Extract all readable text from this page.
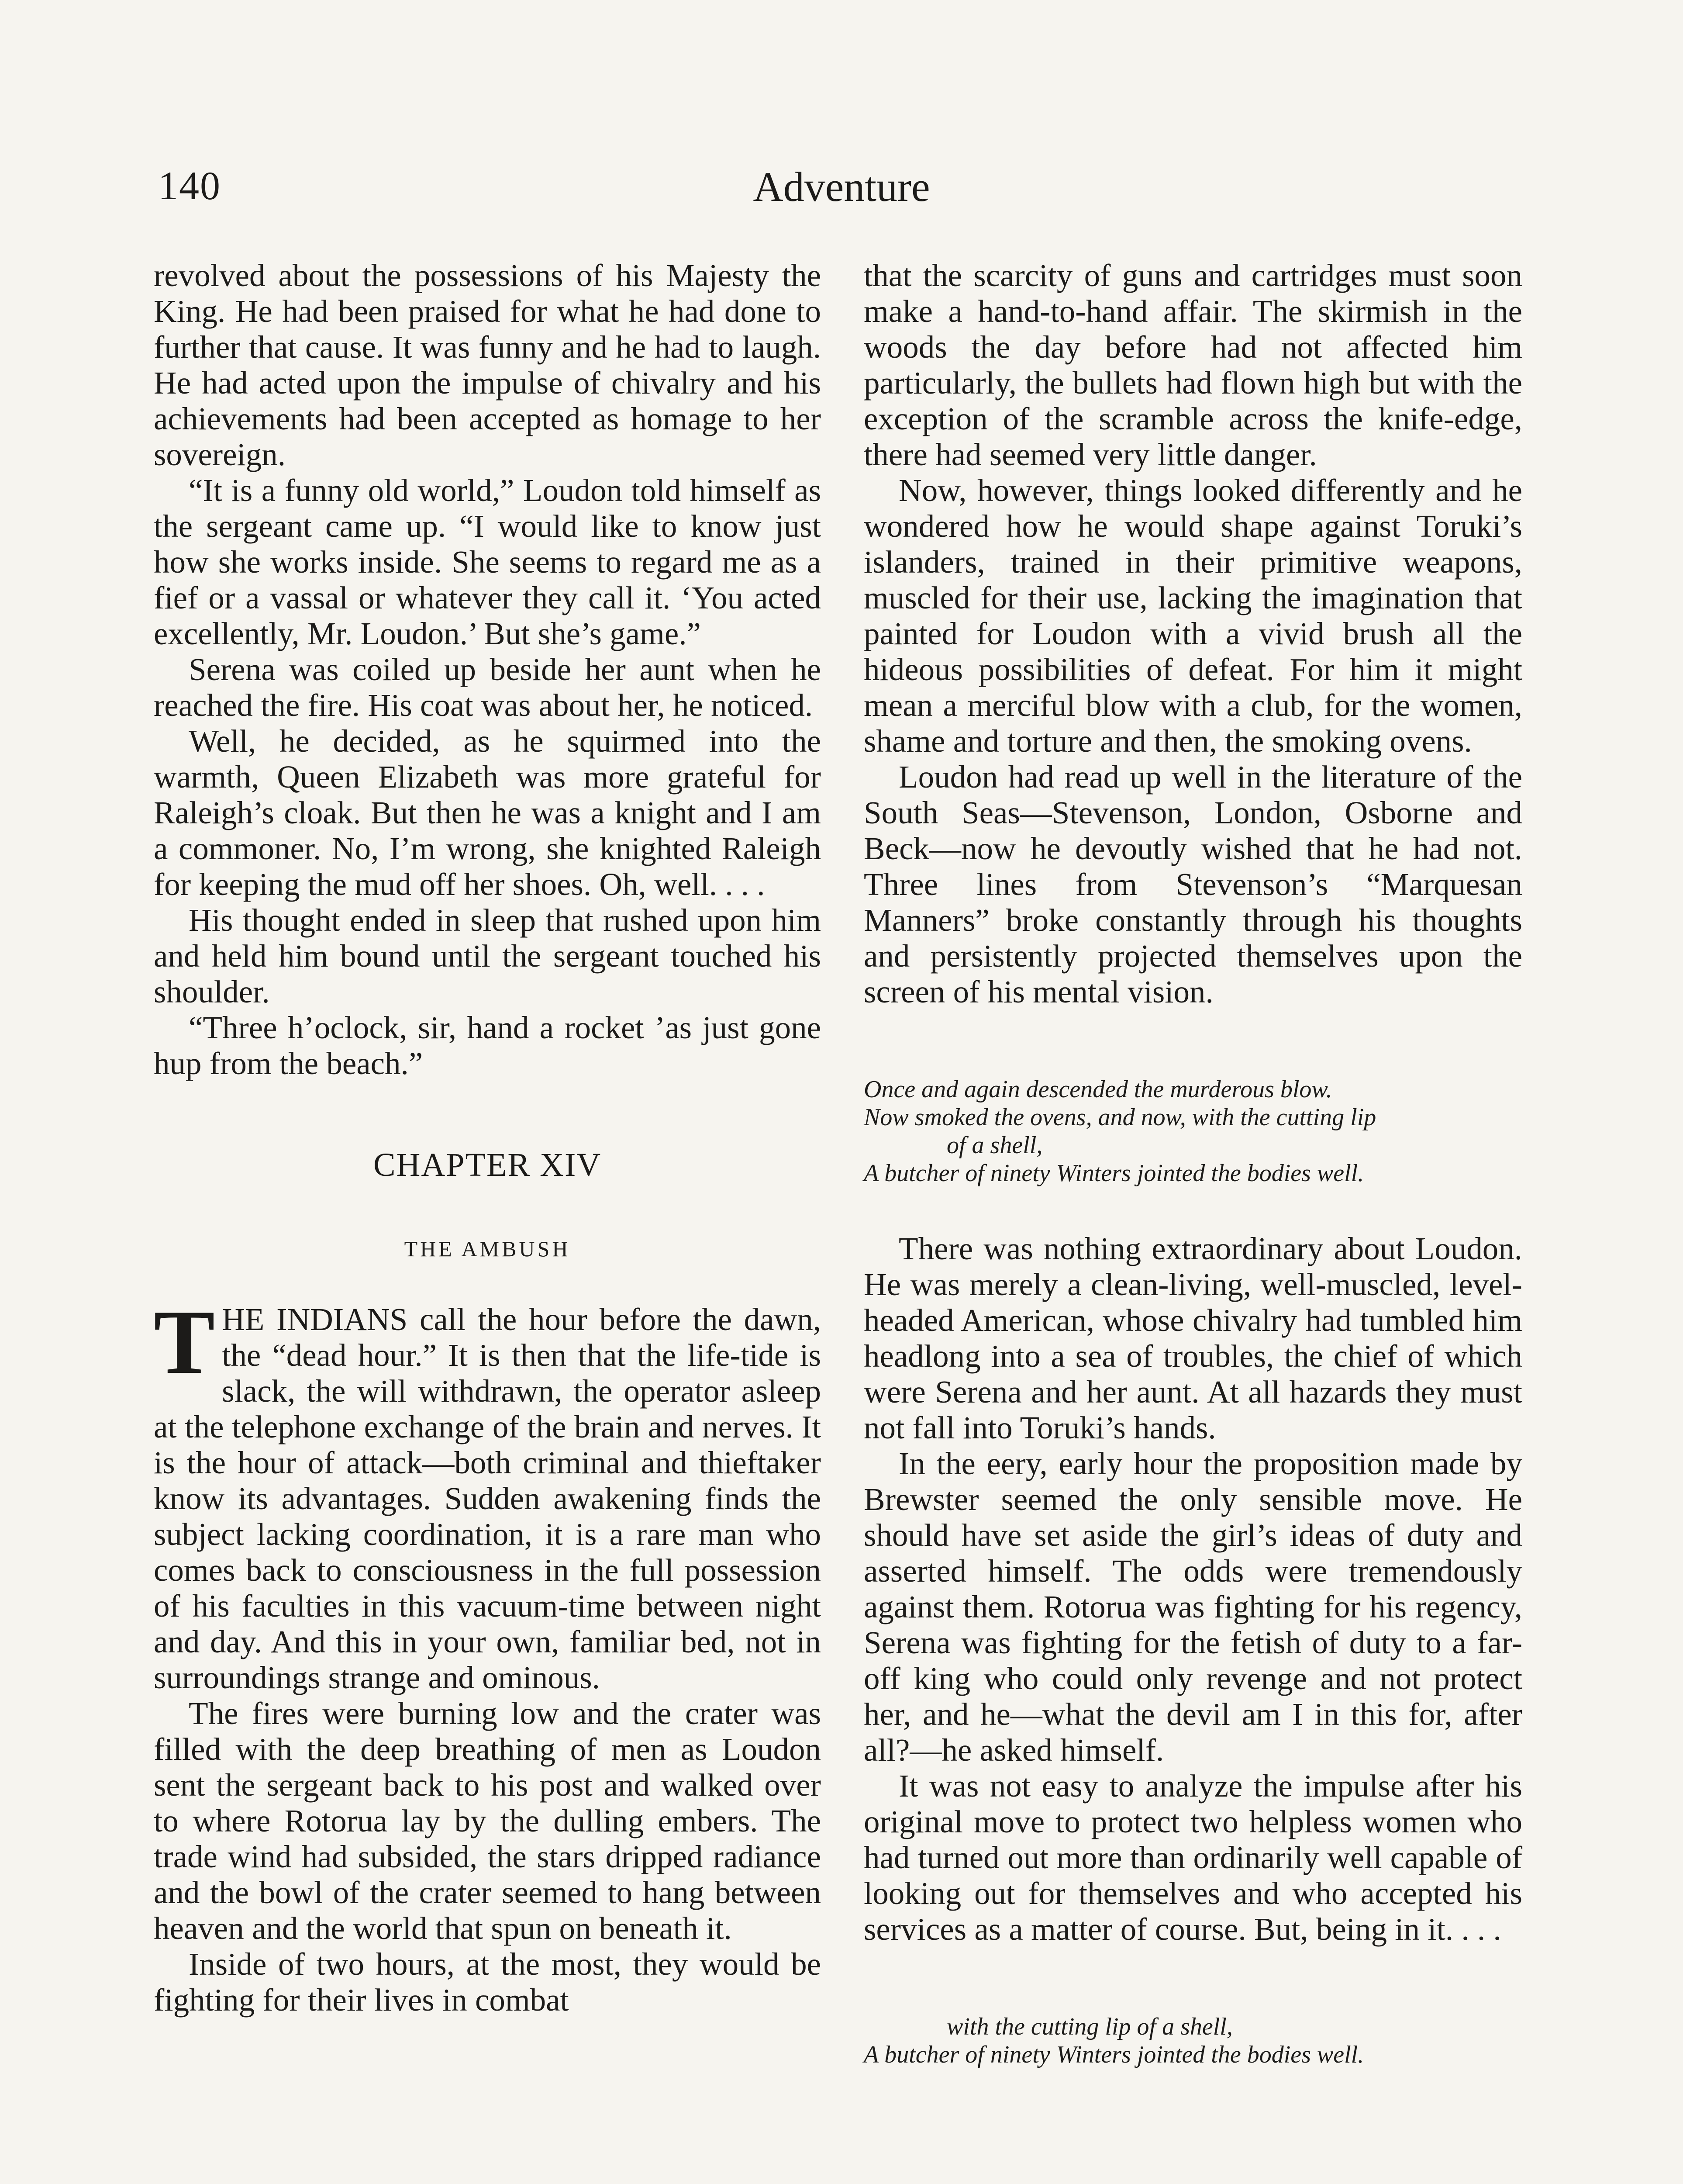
140	Adventure

revolved about the possessions of his Majesty the King. He had been praised for what he had done to further that cause. It was funny and he had to laugh. He had acted upon the impulse of chivalry and his achievements had been accepted as homage to her sovereign.

“It is a funny old world,” Loudon told himself as the sergeant came up. “I would like to know just how she works inside. She seems to regard me as a fief or a vassal or whatever they call it. ‘You acted excellently, Mr. Loudon.’ But she’s game.”

Serena was coiled up beside her aunt when he reached the fire. His coat was about her, he noticed.

Well, he decided, as he squirmed into the warmth, Queen Elizabeth was more grateful for Raleigh’s cloak. But then he was a knight and I am a commoner. No, I’m wrong, she knighted Raleigh for keeping the mud off her shoes. Oh, well. . . .

His thought ended in sleep that rushed upon him and held him bound until the sergeant touched his shoulder.

“Three h’oclock, sir, hand a rocket ’as just gone hup from the beach.”

CHAPTER XIV
THE AMBUSH

THE INDIANS call the hour before the dawn, the “dead hour.” It is then that the life-tide is slack, the will withdrawn, the operator asleep at the telephone exchange of the brain and nerves. It is the hour of attack—both criminal and thieftaker know its advantages. Sudden awakening finds the subject lacking coordination, it is a rare man who comes back to consciousness in the full possession of his faculties in this vacuum-time between night and day. And this in your own, familiar bed, not in surroundings strange and ominous.

The fires were burning low and the crater was filled with the deep breathing of men as Loudon sent the sergeant back to his post and walked over to where Rotorua lay by the dulling embers. The trade wind had subsided, the stars dripped radiance and the bowl of the crater seemed to hang between heaven and the world that spun on beneath it.

Inside of two hours, at the most, they would be fighting for their lives in combat

that the scarcity of guns and cartridges must soon make a hand-to-hand affair. The skirmish in the woods the day before had not affected him particularly, the bullets had flown high but with the exception of the scramble across the knife-edge, there had seemed very little danger.

Now, however, things looked differently and he wondered how he would shape against Toruki’s islanders, trained in their primitive weapons, muscled for their use, lacking the imagination that painted for Loudon with a vivid brush all the hideous possibilities of defeat. For him it might mean a merciful blow with a club, for the women, shame and torture and then, the smoking ovens.

Loudon had read up well in the literature of the South Seas—Stevenson, London, Osborne and Beck—now he devoutly wished that he had not. Three lines from Stevenson’s “Marquesan Manners” broke constantly through his thoughts and persistently projected themselves upon the screen of his mental vision.

Once and again descended the murderous blow.
Now smoked the ovens, and now, with the cutting lip
of a shell,
A butcher of ninety Winters jointed the bodies well.

There was nothing extraordinary about Loudon. He was merely a clean-living, well-muscled, level-headed American, whose chivalry had tumbled him headlong into a sea of troubles, the chief of which were Serena and her aunt. At all hazards they must not fall into Toruki’s hands.

In the eery, early hour the proposition made by Brewster seemed the only sensible move. He should have set aside the girl’s ideas of duty and asserted himself. The odds were tremendously against them. Rotorua was fighting for his regency, Serena was fighting for the fetish of duty to a far-off king who could only revenge and not protect her, and he—what the devil am I in this for, after all?—he asked himself.

It was not easy to analyze the impulse after his original move to protect two helpless women who had turned out more than ordinarily well capable of looking out for themselves and who accepted his services as a matter of course. But, being in it. . . .

with the cutting lip of a shell,
A butcher of ninety Winters jointed the bodies well.
